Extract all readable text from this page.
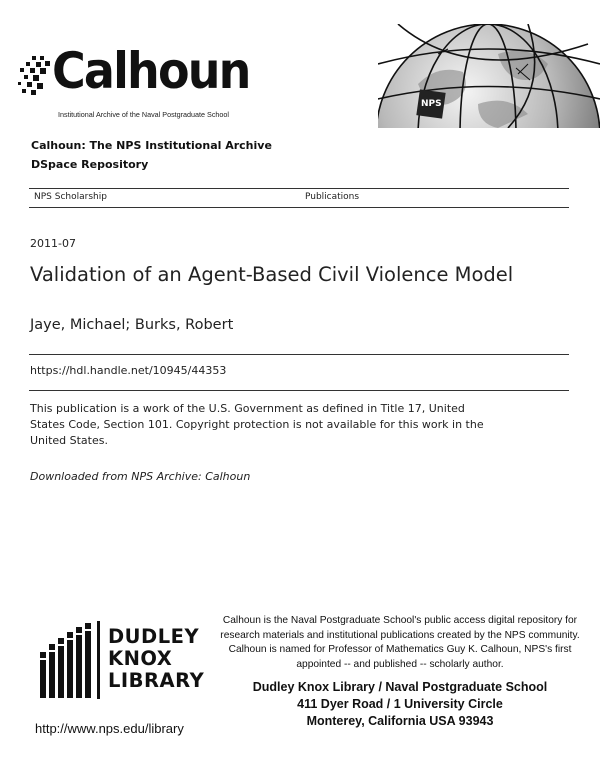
Calhoun
Institutional Archive of the Naval Postgraduate School
NPS
Calhoun: The NPS Institutional Archive
DSpace Repository
NPS Scholarship	Publications
2011-07
Validation of an Agent-Based Civil Violence Model
Jaye, Michael; Burks, Robert
https://hdl.handle.net/10945/44353
This publication is a work of the U.S. Government as defined in Title 17, United States Code, Section 101. Copyright protection is not available for this work in the United States.
Downloaded from NPS Archive: Calhoun
DUDLEY
KNOX
LIBRARY
Calhoun is the Naval Postgraduate School's public access digital repository for
research materials and institutional publications created by the NPS community.
Calhoun is named for Professor of Mathematics Guy K. Calhoun, NPS's first
appointed -- and published -- scholarly author.
Dudley Knox Library / Naval Postgraduate School
411 Dyer Road / 1 University Circle
Monterey, California USA 93943
http://www.nps.edu/library
